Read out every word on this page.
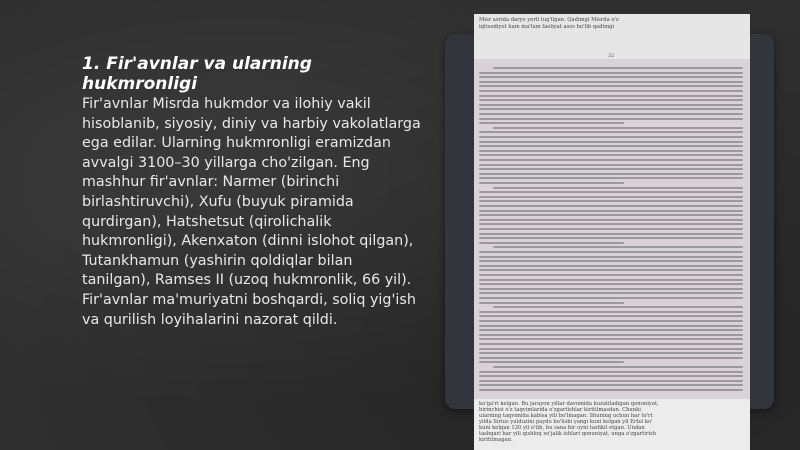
1. Fir'avnlar va ularning hukmronligi

Fir'avnlar Misrda hukmdor va ilohiy vakil hisoblanib, siyosiy, diniy va harbiy vakolatlarga ega edilar. Ularning hukmronligi eramizdan avvalgi 3100–30 yillarga cho'zilgan. Eng mashhur fir'avnlar: Narmer (birinchi birlashtiruvchi), Xufu (buyuk piramida qurdirgan), Hatshetsut (qirolichalik hukmronligi), Akenxaton (dinni islohot qilgan), Tutankhamun (yashirin qoldiqlar bilan tanilgan), Ramses II (uzoq hukmronlik, 66 yil). Fir'avnlar ma'muriyatni boshqardi, soliq yig'ish va qurilish loyihalarini nazorat qildi.

Misr asrida daryo yerli tug'ilgan. Qadimgi Misrda o'z

iqtisodiyot ham ma'lum faoliyat asos bo'lib qadimgi

32

ko'ga'ri kelgan. Bu jarayon yillar davomida kuzatiladigan qonuniyat,

birinchisi o'z taqvimlarida o'zgartishlar kiritilmasdan. Chunki

ularning taqvimida kabisa yili bo'lmagan. Shuning uchun har to'rt

yilda Sirius yulduzini paydo bo'lishi yangi kuni kelgan yil Ertel ko'

kuni kelgan 120 yil o'tib, bu sana bir oyni tashkil etgan. Undan

tashqari har yili qishloq xo'jalik ishlari qonuniyat, unga o'zgartirish

kiritilmagan.
